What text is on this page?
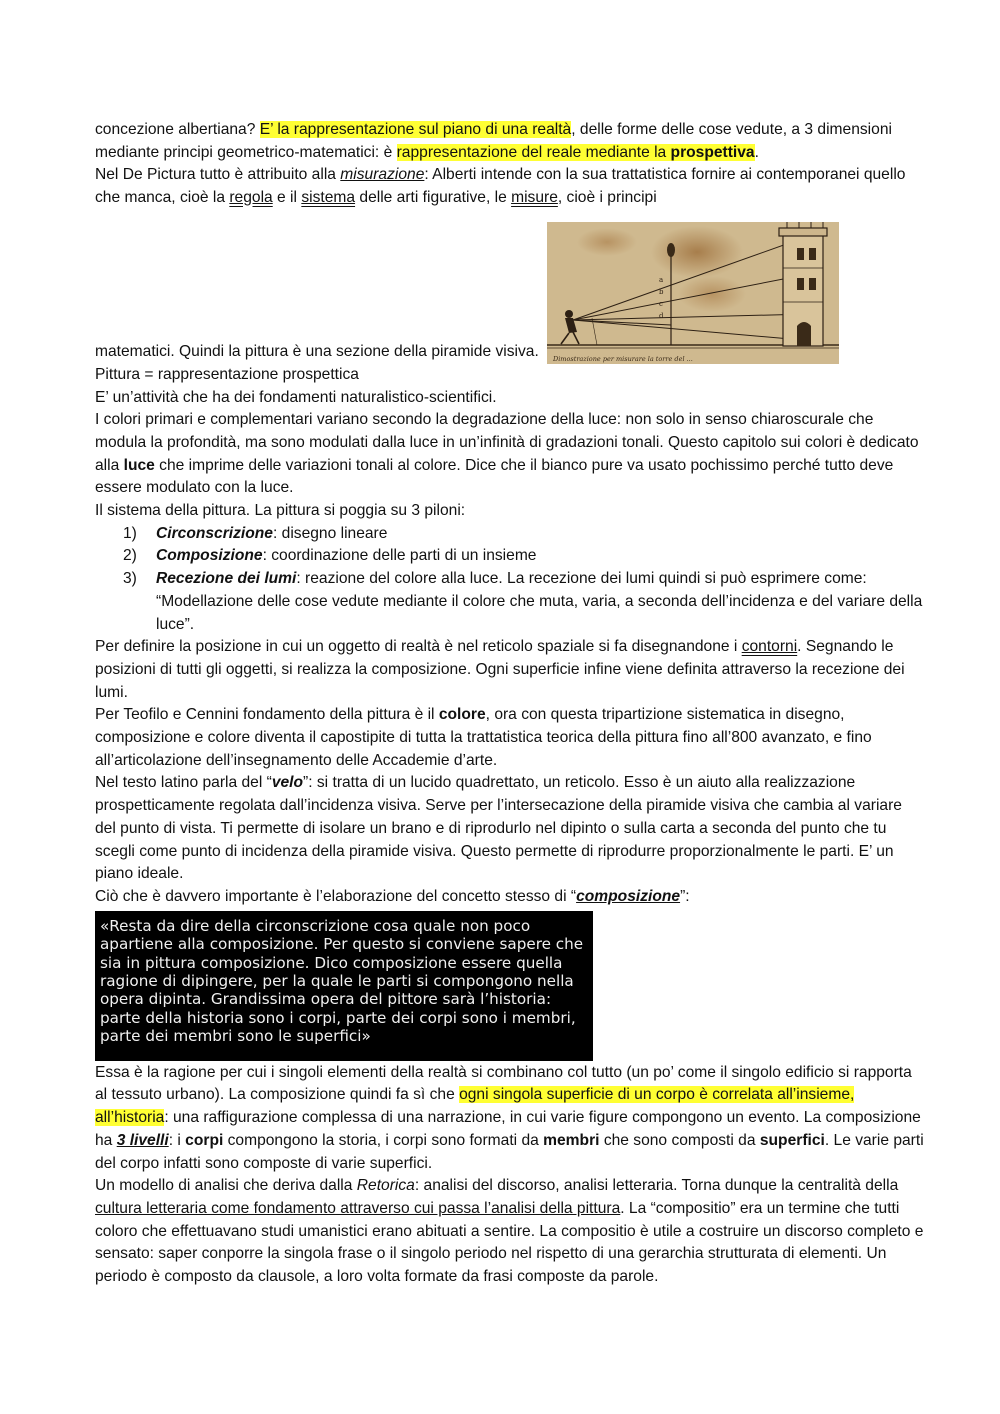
concezione albertiana? E’ la rappresentazione sul piano di una realtà, delle forme delle cose vedute, a 3 dimensioni mediante principi geometrico-matematici: è rappresentazione del reale mediante la prospettiva.

Nel De Pictura tutto è attribuito alla misurazione: Alberti intende con la sua trattatistica fornire ai contemporanei quello che manca, cioè la regola e il sistema delle arti figurative, le misure, cioè i principi

matematici. Quindi la pittura è una sezione della piramide visiva.
a
b
c
d
Dimostrazione per misurare la torre del ...

Pittura = rappresentazione prospettica

E’ un’attività che ha dei fondamenti naturalistico-scientifici.

I colori primari e complementari variano secondo la degradazione della luce: non solo in senso chiaroscurale che modula la profondità, ma sono modulati dalla luce in un’infinità di gradazioni tonali. Questo capitolo sui colori è dedicato alla luce che imprime delle variazioni tonali al colore. Dice che il bianco pure va usato pochissimo perché tutto deve essere modulato con la luce.

Il sistema della pittura. La pittura si poggia su 3 piloni:

1) Circonscrizione: disegno lineare
2) Composizione: coordinazione delle parti di un insieme
3) Recezione dei lumi: reazione del colore alla luce. La recezione dei lumi quindi si può esprimere come: “Modellazione delle cose vedute mediante il colore che muta, varia, a seconda dell’incidenza e del variare della luce”.

Per definire la posizione in cui un oggetto di realtà è nel reticolo spaziale si fa disegnandone i contorni. Segnando le posizioni di tutti gli oggetti, si realizza la composizione. Ogni superficie infine viene definita attraverso la recezione dei lumi.

Per Teofilo e Cennini fondamento della pittura è il colore, ora con questa tripartizione sistematica in disegno, composizione e colore diventa il capostipite di tutta la trattatistica teorica della pittura fino all’800 avanzato, e fino all’articolazione dell’insegnamento delle Accademie d’arte.

Nel testo latino parla del “velo”: si tratta di un lucido quadrettato, un reticolo. Esso è un aiuto alla realizzazione prospetticamente regolata dall’incidenza visiva. Serve per l’intersecazione della piramide visiva che cambia al variare del punto di vista. Ti permette di isolare un brano e di riprodurlo nel dipinto o sulla carta a seconda del punto che tu scegli come punto di incidenza della piramide visiva. Questo permette di riprodurre proporzionalmente le parti. E’ un piano ideale.

Ciò che è davvero importante è l’elaborazione del concetto stesso di “composizione”:

«Resta da dire della circonscrizione cosa quale non poco apartiene alla composizione. Per questo si conviene sapere che sia in pittura composizione. Dico composizione essere quella ragione di dipingere, per la quale le parti si compongono nella opera dipinta. Grandissima opera del pittore sarà l’historia: parte della historia sono i corpi, parte dei corpi sono i membri, parte dei membri sono le superfici»

Essa è la ragione per cui i singoli elementi della realtà si combinano col tutto (un po’ come il singolo edificio si rapporta al tessuto urbano). La composizione quindi fa sì che ogni singola superficie di un corpo è correlata all’insieme, all’historia: una raffigurazione complessa di una narrazione, in cui varie figure compongono un evento. La composizione ha 3 livelli: i corpi compongono la storia, i corpi sono formati da membri che sono composti da superfici. Le varie parti del corpo infatti sono composte di varie superfici.

Un modello di analisi che deriva dalla Retorica: analisi del discorso, analisi letteraria. Torna dunque la centralità della cultura letteraria come fondamento attraverso cui passa l’analisi della pittura. La “compositio” era un termine che tutti coloro che effettuavano studi umanistici erano abituati a sentire. La compositio è utile a costruire un discorso completo e sensato: saper conporre la singola frase o il singolo periodo nel rispetto di una gerarchia strutturata di elementi. Un periodo è composto da clausole, a loro volta formate da frasi composte da parole.
